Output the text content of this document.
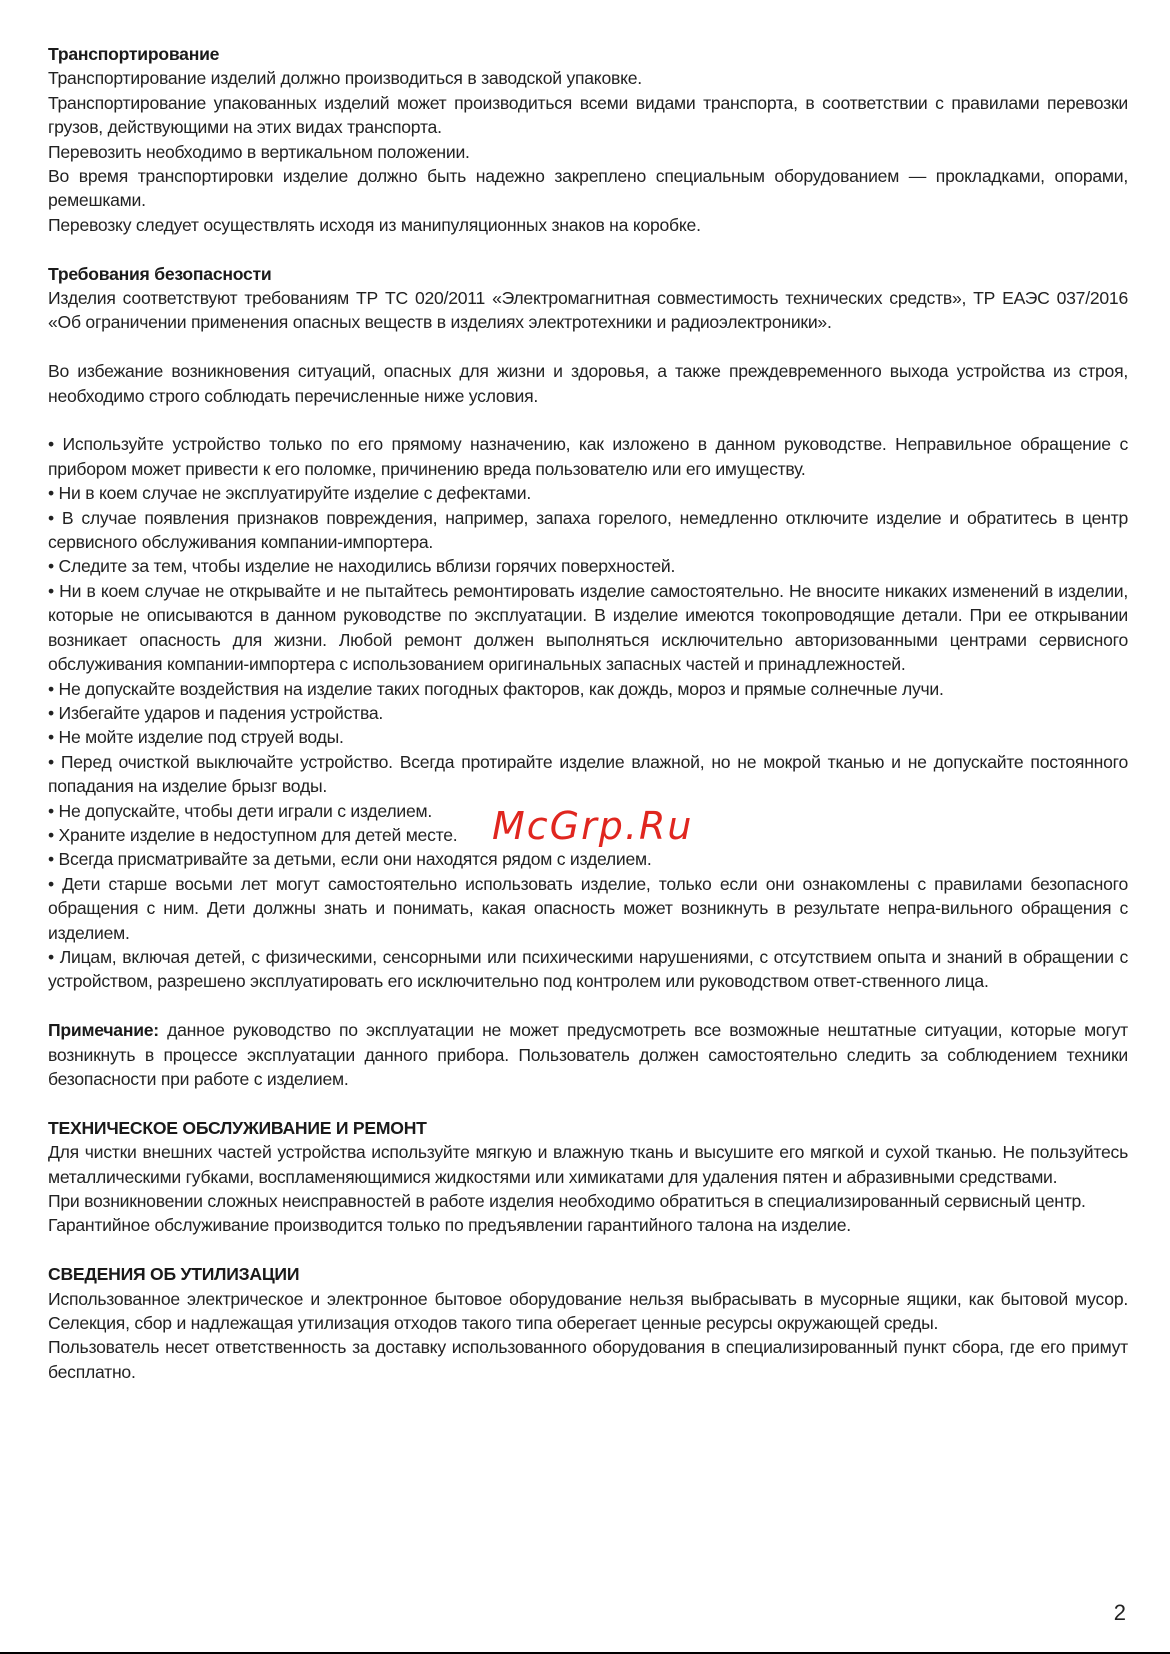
Транспортирование

Транспортирование изделий должно производиться в заводской упаковке.

Транспортирование упакованных изделий может производиться всеми видами транспорта, в соответствии с правилами перевозки грузов, действующими на этих видах транспорта.

Перевозить необходимо в вертикальном положении.

Во время транспортировки изделие должно быть надежно закреплено специальным оборудованием — прокладками, опорами, ремешками.

Перевозку следует осуществлять исходя из манипуляционных знаков на коробке.

Требования безопасности

Изделия соответствуют требованиям ТР ТС 020/2011 «Электромагнитная совместимость технических средств», ТР ЕАЭС 037/2016 «Об ограничении применения опасных веществ в изделиях электротехники и радиоэлектроники».

Во избежание возникновения ситуаций, опасных для жизни и здоровья, а также преждевременного выхода устройства из строя, необходимо строго соблюдать перечисленные ниже условия.

• Используйте устройство только по его прямому назначению, как изложено в данном руководстве. Неправильное обращение с прибором может привести к его поломке, причинению вреда пользователю или его имуществу.

• Ни в коем случае не эксплуатируйте изделие с дефектами.

• В случае появления признаков повреждения, например, запаха горелого, немедленно отключите изделие и обратитесь в центр сервисного обслуживания компании-импортера.

• Следите за тем, чтобы изделие не находились вблизи горячих поверхностей.

• Ни в коем случае не открывайте и не пытайтесь ремонтировать изделие самостоятельно. Не вносите никаких изменений в изделии, которые не описываются в данном руководстве по эксплуатации. В изделие имеются токопроводящие детали. При ее открывании возникает опасность для жизни. Любой ремонт должен выполняться исключительно авторизованными центрами сервисного обслуживания компании-импортера с использованием оригинальных запасных частей и принадлежностей.

• Не допускайте воздействия на изделие таких погодных факторов, как дождь, мороз и прямые солнечные лучи.

• Избегайте ударов и падения устройства.

• Не мойте изделие под струей воды.

• Перед очисткой выключайте устройство. Всегда протирайте изделие влажной, но не мокрой тканью и не допускайте постоянного попадания на изделие брызг воды.

• Не допускайте, чтобы дети играли с изделием.

• Храните изделие в недоступном для детей месте.

• Всегда присматривайте за детьми, если они находятся рядом с изделием.

• Дети старше восьми лет могут самостоятельно использовать изделие, только если они ознакомлены с правилами безопасного обращения с ним. Дети должны знать и понимать, какая опасность может возникнуть в результате непра-вильного обращения с изделием.

• Лицам, включая детей, с физическими, сенсорными или психическими нарушениями, с отсутствием опыта и знаний в обращении с устройством, разрешено эксплуатировать его исключительно под контролем или руководством ответ-ственного лица.

Примечание: данное руководство по эксплуатации не может предусмотреть все возможные нештатные ситуации, которые могут возникнуть в процессе эксплуатации данного прибора. Пользователь должен самостоятельно следить за соблюдением техники безопасности при работе с изделием.

ТЕХНИЧЕСКОЕ ОБСЛУЖИВАНИЕ И РЕМОНТ

Для чистки внешних частей устройства используйте мягкую и влажную ткань и высушите его мягкой и сухой тканью. Не пользуйтесь металлическими губками, воспламеняющимися жидкостями или химикатами для удаления пятен и абразивными средствами.

При возникновении сложных неисправностей в работе изделия необходимо обратиться в специализированный сервисный центр.

Гарантийное обслуживание производится только по предъявлении гарантийного талона на изделие.

СВЕДЕНИЯ ОБ УТИЛИЗАЦИИ

Использованное электрическое и электронное бытовое оборудование нельзя выбрасывать в мусорные ящики, как бытовой мусор. Селекция, сбор и надлежащая утилизация отходов такого типа оберегает ценные ресурсы окружающей среды.

Пользователь несет ответственность за доставку использованного оборудования в специализированный пункт сбора, где его примут бесплатно.

McGrp.Ru
2
